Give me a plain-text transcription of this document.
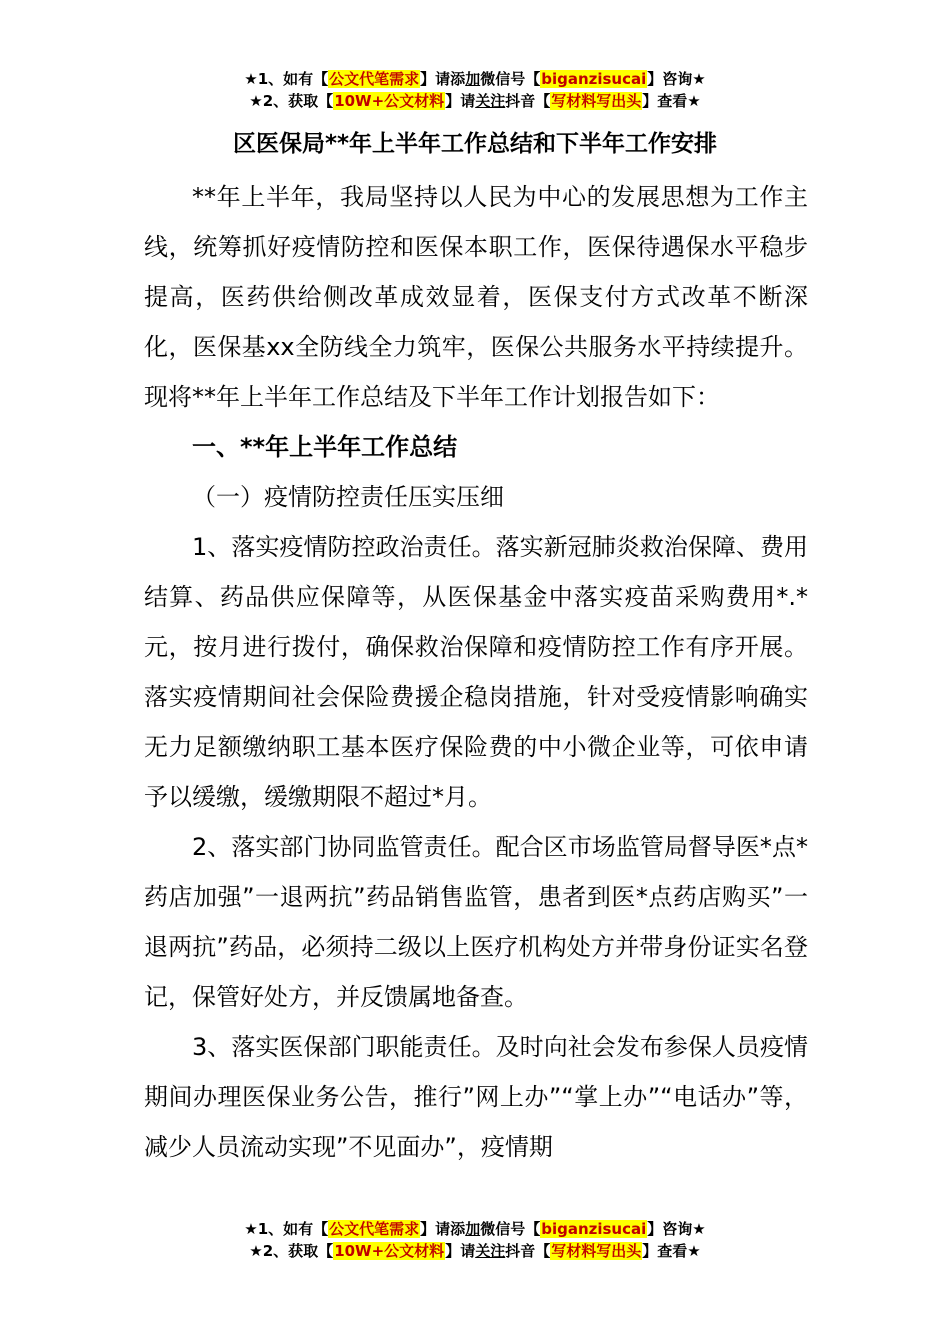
★1、如有【公文代笔需求】请添加微信号【biganzisucai】咨询★
★2、获取【10W+公文材料】请关注抖音【写材料写出头】查看★
区医保局**年上半年工作总结和下半年工作安排

**年上半年，我局坚持以人民为中心的发展思想为工作主线，统筹抓好疫情防控和医保本职工作，医保待遇保水平稳步提高，医药供给侧改革成效显着，医保支付方式改革不断深化，医保基xx全防线全力筑牢，医保公共服务水平持续提升。现将**年上半年工作总结及下半年工作计划报告如下：

一、**年上半年工作总结

（一）疫情防控责任压实压细

1、落实疫情防控政治责任。落实新冠肺炎救治保障、费用结算、药品供应保障等，从医保基金中落实疫苗采购费用*.*元，按月进行拨付，确保救治保障和疫情防控工作有序开展。落实疫情期间社会保险费援企稳岗措施，针对受疫情影响确实无力足额缴纳职工基本医疗保险费的中小微企业等，可依申请予以缓缴，缓缴期限不超过*月。

2、落实部门协同监管责任。配合区市场监管局督导医*点*药店加强”一退两抗”药品销售监管，患者到医*点药店购买”一退两抗”药品，必须持二级以上医疗机构处方并带身份证实名登记，保管好处方，并反馈属地备查。

3、落实医保部门职能责任。及时向社会发布参保人员疫情期间办理医保业务公告，推行”网上办”“掌上办”“电话办”等，减少人员流动实现”不见面办”，疫情期

★1、如有【公文代笔需求】请添加微信号【biganzisucai】咨询★
★2、获取【10W+公文材料】请关注抖音【写材料写出头】查看★
